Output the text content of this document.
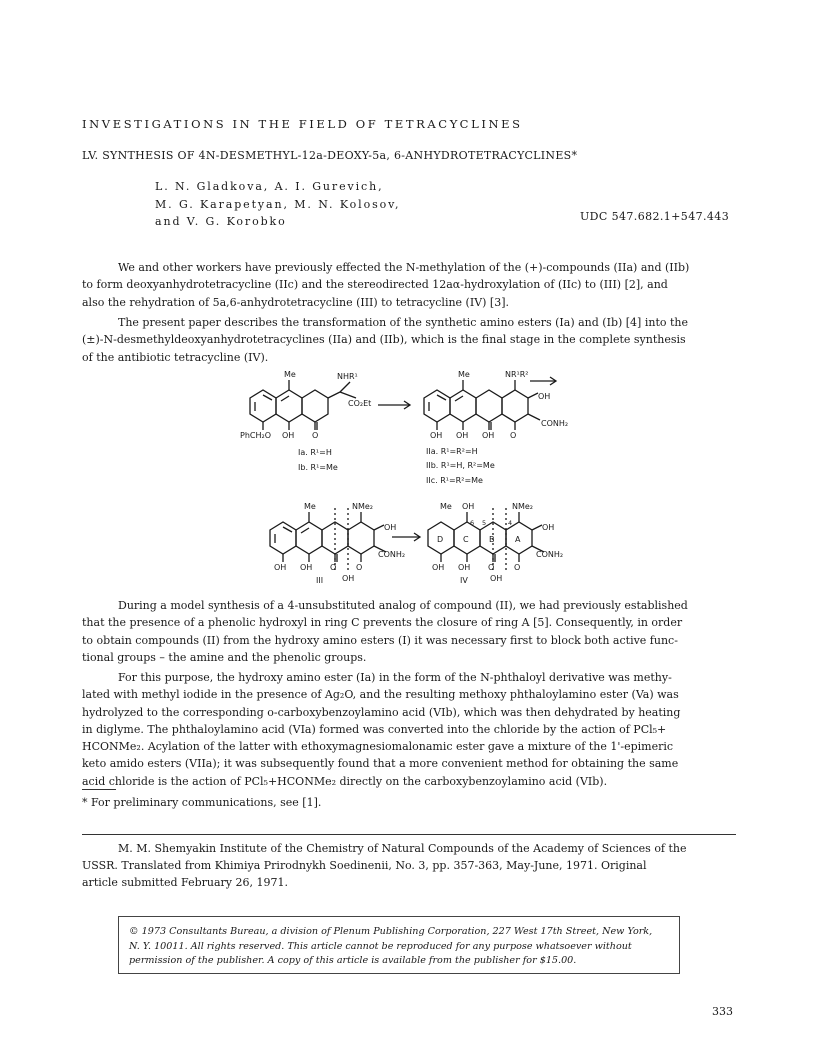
INVESTIGATIONS IN THE FIELD OF TETRACYCLINES
LV. SYNTHESIS OF 4N-DESMETHYL-12a-DEOXY-5a, 6-ANHYDROTETRACYCLINES*
L. N. Gladkova, A. I. Gurevich,
M. G. Karapetyan, M. N. Kolosov,
and V. G. Korobko	UDC 547.682.1+547.443

We and other workers have previously effected the N-methylation of the (+)-compounds (IIa) and (IIb)
to form deoxyanhydrotetracycline (IIc) and the stereodirected 12aα-hydroxylation of (IIc) to (III) [2], and
also the rehydration of 5a,6-anhydrotetracycline (III) to tetracycline (IV) [3].

The present paper describes the transformation of the synthetic amino esters (Ia) and (Ib) [4] into the
(±)-N-desmethyldeoxyanhydrotetracyclines (IIa) and (IIb), which is the final stage in the complete synthesis
of the antibiotic tetracycline (IV).

Me	NHR¹
CO₂Et
PhCH₂O OH O
Ia. R¹=H
Ib. R¹=Me
Me	NR¹R²
OH
CONH₂
OH OH OH O
IIa. R¹=R²=H
IIb. R¹=H, R²=Me
IIc. R¹=R²=Me
Me	NMe₂
OH
CONH₂
OH OH O O
OH
III
Me OH	NMe₂
OH
CONH₂
D C	B	A
5
6	4
OH OH O O
OH
IV

During a model synthesis of a 4-unsubstituted analog of compound (II), we had previously established
that the presence of a phenolic hydroxyl in ring C prevents the closure of ring A [5]. Consequently, in order
to obtain compounds (II) from the hydroxy amino esters (I) it was necessary first to block both active func-
tional groups – the amine and the phenolic groups.

For this purpose, the hydroxy amino ester (Ia) in the form of the N-phthaloyl derivative was methy-
lated with methyl iodide in the presence of Ag₂O, and the resulting methoxy phthaloylamino ester (Va) was
hydrolyzed to the corresponding o-carboxybenzoylamino acid (VIb), which was then dehydrated by heating
in diglyme. The phthaloylamino acid (VIa) formed was converted into the chloride by the action of PCl₅+
HCONMe₂. Acylation of the latter with ethoxymagnesiomalonamic ester gave a mixture of the 1'-epimeric
keto amido esters (VIIa); it was subsequently found that a more convenient method for obtaining the same
acid chloride is the action of PCl₅+HCONMe₂ directly on the carboxybenzoylamino acid (VIb).

* For preliminary communications, see [1].

M. M. Shemyakin Institute of the Chemistry of Natural Compounds of the Academy of Sciences of the
USSR. Translated from Khimiya Prirodnykh Soedinenii, No. 3, pp. 357-363, May-June, 1971. Original
article submitted February 26, 1971.

© 1973 Consultants Bureau, a division of Plenum Publishing Corporation, 227 West 17th Street, New York,
N. Y. 10011. All rights reserved. This article cannot be reproduced for any purpose whatsoever without
permission of the publisher. A copy of this article is available from the publisher for $15.00.
333
